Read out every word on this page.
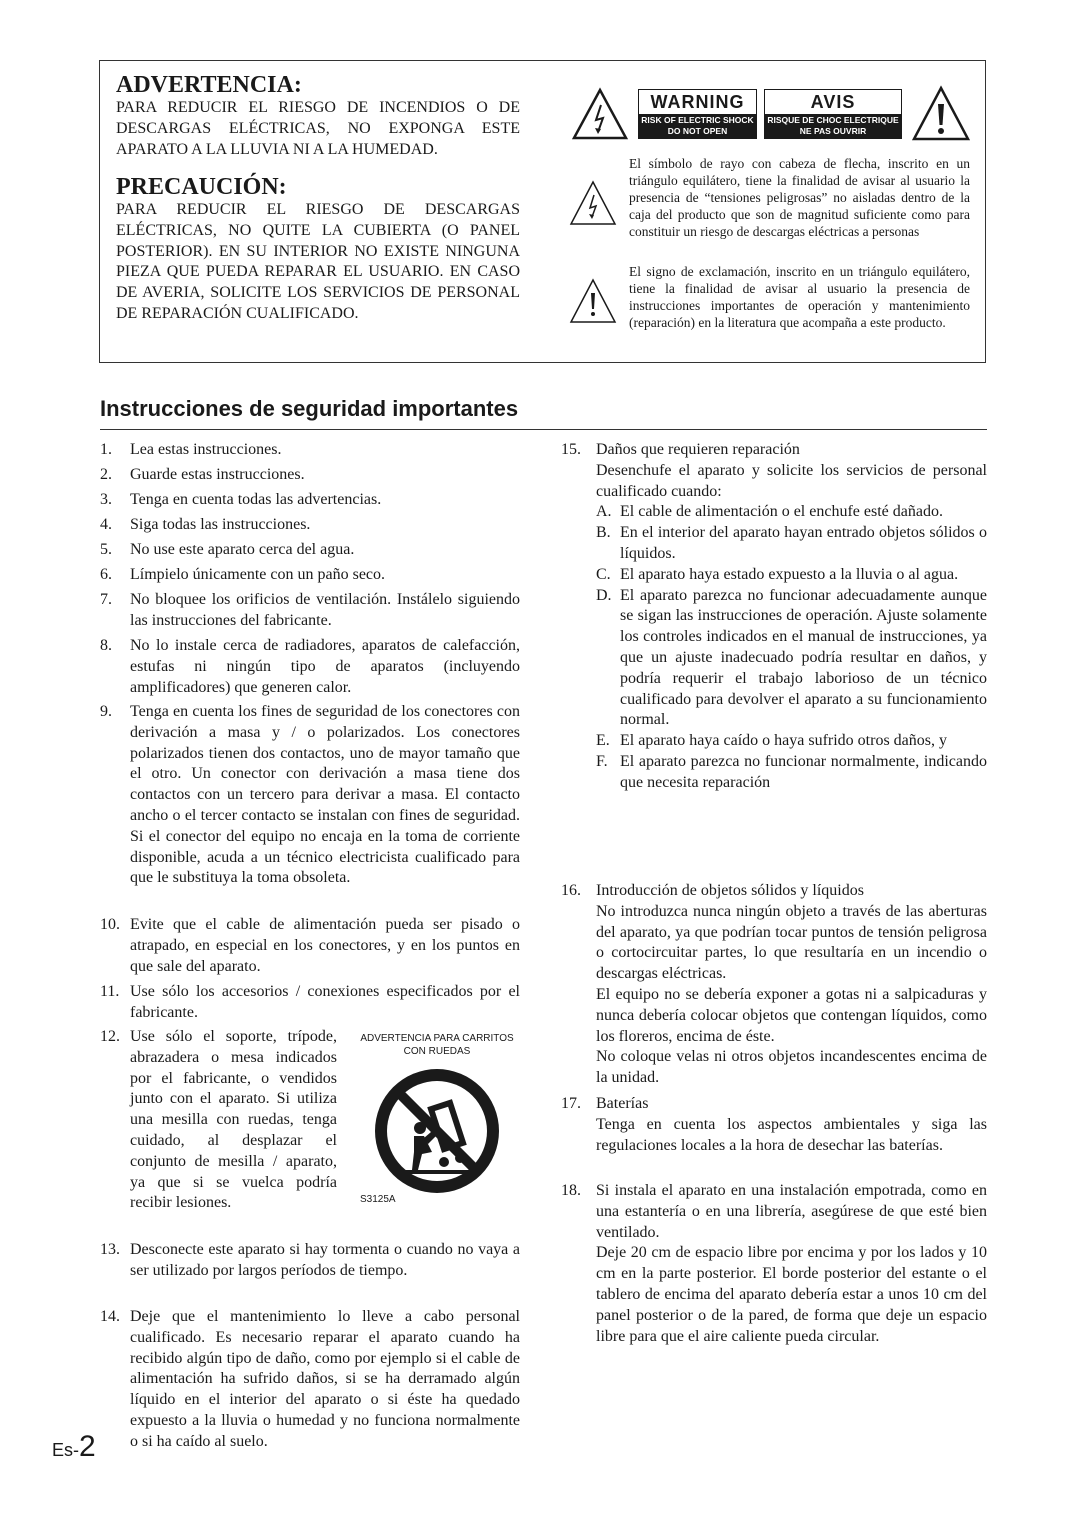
ADVERTENCIA:
PARA REDUCIR EL RIESGO DE INCENDIOS O DE DESCARGAS ELÉCTRICAS, NO EXPONGA ESTE APARATO A LA LLUVIA NI A LA HUMEDAD.
PRECAUCIÓN:
PARA REDUCIR EL RIESGO DE DESCARGAS ELÉCTRICAS, NO QUITE LA CUBIERTA (O PANEL POSTERIOR). EN SU INTERIOR NO EXISTE NINGUNA PIEZA QUE PUEDA REPARAR EL USUARIO. EN CASO DE AVERIA, SOLICITE LOS SERVICIOS DE PERSONAL DE REPARACIÓN CUALIFICADO.
WARNING
RISK OF ELECTRIC SHOCK
DO NOT OPEN
AVIS
RISQUE DE CHOC ELECTRIQUE
NE PAS OUVRIR
El símbolo de rayo con cabeza de flecha, inscrito en un triángulo equilátero, tiene la finalidad de avisar al usuario la presencia de “tensiones peligrosas” no aisladas dentro de la caja del producto que son de magnitud suficiente como para constituir un riesgo de descargas eléctricas a personas
El signo de exclamación, inscrito en un triángulo equilátero, tiene la finalidad de avisar al usuario la presencia de instrucciones importantes de operación y mantenimiento (reparación) en la literatura que acompaña a este producto.
Instrucciones de seguridad importantes
1.	Lea estas instrucciones.
2.	Guarde estas instrucciones.
3.	Tenga en cuenta todas las advertencias.
4.	Siga todas las instrucciones.
5.	No use este aparato cerca del agua.
6.	Límpielo únicamente con un paño seco.
7.	No bloquee los orificios de ventilación. Instálelo siguiendo las instrucciones del fabricante.
8.	No lo instale cerca de radiadores, aparatos de calefacción, estufas ni ningún tipo de aparatos (incluyendo amplificadores) que generen calor.
9.	Tenga en cuenta los fines de seguridad de los conectores con derivación a masa y / o polarizados. Los conectores polarizados tienen dos contactos, uno de mayor tamaño que el otro. Un conector con derivación a masa tiene dos contactos con un tercero para derivar a masa. El contacto ancho o el tercer contacto se instalan con fines de seguridad. Si el conector del equipo no encaja en la toma de corriente disponible, acuda a un técnico electricista cualificado para que le substituya la toma obsoleta.
10. Evite que el cable de alimentación pueda ser pisado o atrapado, en especial en los conectores, y en los puntos en que sale del aparato.
11. Use sólo los accesorios / conexiones especificados por el fabricante.
12. Use sólo el soporte, trípode, abrazadera o mesa indicados por el fabricante, o vendidos junto con el aparato. Si utiliza una mesilla con ruedas, tenga cuidado, al desplazar el conjunto de mesilla / aparato, ya que si se vuelca podría recibir lesiones.
ADVERTENCIA PARA CARRITOS CON RUEDAS
S3125A
13. Desconecte este aparato si hay tormenta o cuando no vaya a ser utilizado por largos períodos de tiempo.
14. Deje que el mantenimiento lo lleve a cabo personal cualificado. Es necesario reparar el aparato cuando ha recibido algún tipo de daño, como por ejemplo si el cable de alimentación ha sufrido daños, si se ha derramado algún líquido en el interior del aparato o si éste ha quedado expuesto a la lluvia o humedad y no funciona normalmente o si ha caído al suelo.
15. Daños que requieren reparación

Desenchufe el aparato y solicite los servicios de personal cualificado cuando:

A. El cable de alimentación o el enchufe esté dañado.

B. En el interior del aparato hayan entrado objetos sólidos o líquidos.

C. El aparato haya estado expuesto a la lluvia o al agua.

D. El aparato parezca no funcionar adecuadamente aunque se sigan las instrucciones de operación. Ajuste solamente los controles indicados en el manual de instrucciones, ya que un ajuste inadecuado podría resultar en daños, y podría requerir el trabajo laborioso de un técnico cualificado para devolver el aparato a su funcionamiento normal.

E. El aparato haya caído o haya sufrido otros daños, y

F. El aparato parezca no funcionar normalmente, indicando que necesita reparación

16. Introducción de objetos sólidos y líquidos

No introduzca nunca ningún objeto a través de las aberturas del aparato, ya que podrían tocar puntos de tensión peligrosa o cortocircuitar partes, lo que resultaría en un incendio o descargas eléctricas.

El equipo no se debería exponer a gotas ni a salpicaduras y nunca debería colocar objetos que contengan líquidos, como los floreros, encima de éste.

No coloque velas ni otros objetos incandescentes encima de la unidad.

17. Baterías

Tenga en cuenta los aspectos ambientales y siga las regulaciones locales a la hora de desechar las baterías.

18. Si instala el aparato en una instalación empotrada, como en una estantería o en una librería, asegúrese de que esté bien ventilado.

Deje 20 cm de espacio libre por encima y por los lados y 10 cm en la parte posterior. El borde posterior del estante o el tablero de encima del aparato debería estar a unos 10 cm del panel posterior o de la pared, de forma que deje un espacio libre para que el aire caliente pueda circular.

Es-2
